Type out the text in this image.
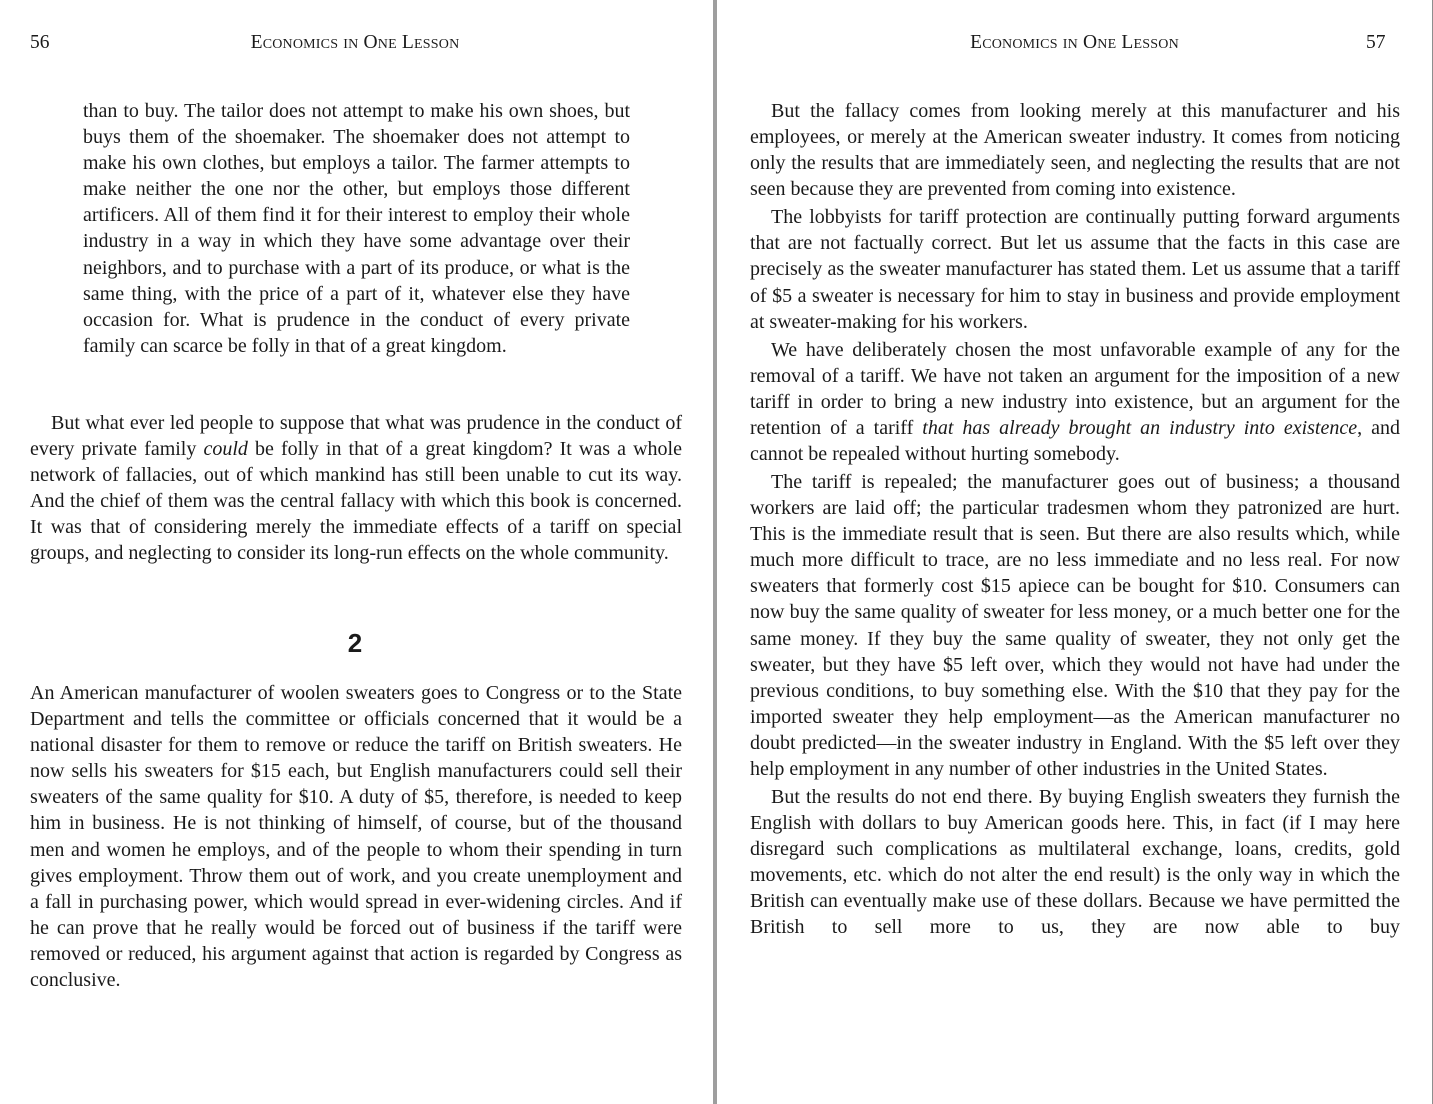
56	Economics in One Lesson

than to buy. The tailor does not attempt to make his own shoes, but buys them of the shoemaker. The shoemaker does not attempt to make his own clothes, but employs a tailor. The farmer attempts to make neither the one nor the other, but employs those different artificers. All of them find it for their interest to employ their whole industry in a way in which they have some advantage over their neighbors, and to purchase with a part of its produce, or what is the same thing, with the price of a part of it, whatever else they have occasion for. What is prudence in the conduct of every private family can scarce be folly in that of a great kingdom.

But what ever led people to suppose that what was prudence in the conduct of every private family could be folly in that of a great kingdom? It was a whole network of fallacies, out of which mankind has still been unable to cut its way. And the chief of them was the central fallacy with which this book is concerned. It was that of considering merely the immediate effects of a tariff on special groups, and neglecting to consider its long-run effects on the whole community.

2

An American manufacturer of woolen sweaters goes to Congress or to the State Department and tells the committee or officials concerned that it would be a national disaster for them to remove or reduce the tariff on British sweaters. He now sells his sweaters for $15 each, but English manufacturers could sell their sweaters of the same quality for $10. A duty of $5, therefore, is needed to keep him in business. He is not thinking of himself, of course, but of the thousand men and women he employs, and of the people to whom their spending in turn gives employment. Throw them out of work, and you create unemployment and a fall in purchasing power, which would spread in ever-widening circles. And if he can prove that he really would be forced out of business if the tariff were removed or reduced, his argument against that action is regarded by Congress as conclusive.

Economics in One Lesson	57

But the fallacy comes from looking merely at this manufacturer and his employees, or merely at the American sweater industry. It comes from noticing only the results that are immediately seen, and neglecting the results that are not seen because they are prevented from coming into existence.

The lobbyists for tariff protection are continually putting forward arguments that are not factually correct. But let us assume that the facts in this case are precisely as the sweater manufacturer has stated them. Let us assume that a tariff of $5 a sweater is necessary for him to stay in business and provide employment at sweater-making for his workers.

We have deliberately chosen the most unfavorable example of any for the removal of a tariff. We have not taken an argument for the imposition of a new tariff in order to bring a new industry into existence, but an argument for the retention of a tariff that has already brought an industry into existence, and cannot be repealed without hurting somebody.

The tariff is repealed; the manufacturer goes out of business; a thousand workers are laid off; the particular tradesmen whom they patronized are hurt. This is the immediate result that is seen. But there are also results which, while much more difficult to trace, are no less immediate and no less real. For now sweaters that formerly cost $15 apiece can be bought for $10. Consumers can now buy the same quality of sweater for less money, or a much better one for the same money. If they buy the same quality of sweater, they not only get the sweater, but they have $5 left over, which they would not have had under the previous conditions, to buy something else. With the $10 that they pay for the imported sweater they help employment—as the American manufacturer no doubt predicted—in the sweater industry in England. With the $5 left over they help employment in any number of other industries in the United States.

But the results do not end there. By buying English sweaters they furnish the English with dollars to buy American goods here. This, in fact (if I may here disregard such complications as multilateral exchange, loans, credits, gold movements, etc. which do not alter the end result) is the only way in which the British can eventually make use of these dollars. Because we have permitted the British to sell more to us, they are now able to buy
